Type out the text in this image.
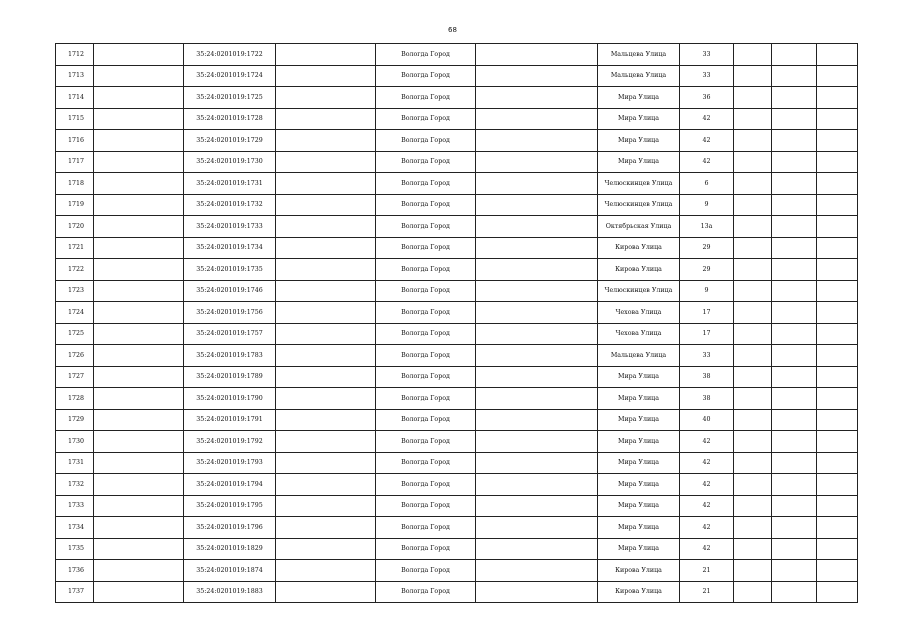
68
1712		35:24:0201019:1722		Вологда Город		Мальцева Улица	33			
1713		35:24:0201019:1724		Вологда Город		Мальцева Улица	33			
1714		35:24:0201019:1725		Вологда Город		Мира Улица	36			
1715		35:24:0201019:1728		Вологда Город		Мира Улица	42			
1716		35:24:0201019:1729		Вологда Город		Мира Улица	42			
1717		35:24:0201019:1730		Вологда Город		Мира Улица	42			
1718		35:24:0201019:1731		Вологда Город		Челюскинцев Улица	6			
1719		35:24:0201019:1732		Вологда Город		Челюскинцев Улица	9			
1720		35:24:0201019:1733		Вологда Город		Октябрьская Улица	13а			
1721		35:24:0201019:1734		Вологда Город		Кирова Улица	29			
1722		35:24:0201019:1735		Вологда Город		Кирова Улица	29			
1723		35:24:0201019:1746		Вологда Город		Челюскинцев Улица	9			
1724		35:24:0201019:1756		Вологда Город		Чехова Улица	17			
1725		35:24:0201019:1757		Вологда Город		Чехова Улица	17			
1726		35:24:0201019:1783		Вологда Город		Мальцева Улица	33			
1727		35:24:0201019:1789		Вологда Город		Мира Улица	38			
1728		35:24:0201019:1790		Вологда Город		Мира Улица	38			
1729		35:24:0201019:1791		Вологда Город		Мира Улица	40			
1730		35:24:0201019:1792		Вологда Город		Мира Улица	42			
1731		35:24:0201019:1793		Вологда Город		Мира Улица	42			
1732		35:24:0201019:1794		Вологда Город		Мира Улица	42			
1733		35:24:0201019:1795		Вологда Город		Мира Улица	42			
1734		35:24:0201019:1796		Вологда Город		Мира Улица	42			
1735		35:24:0201019:1829		Вологда Город		Мира Улица	42			
1736		35:24:0201019:1874		Вологда Город		Кирова Улица	21			
1737		35:24:0201019:1883		Вологда Город		Кирова Улица	21			
